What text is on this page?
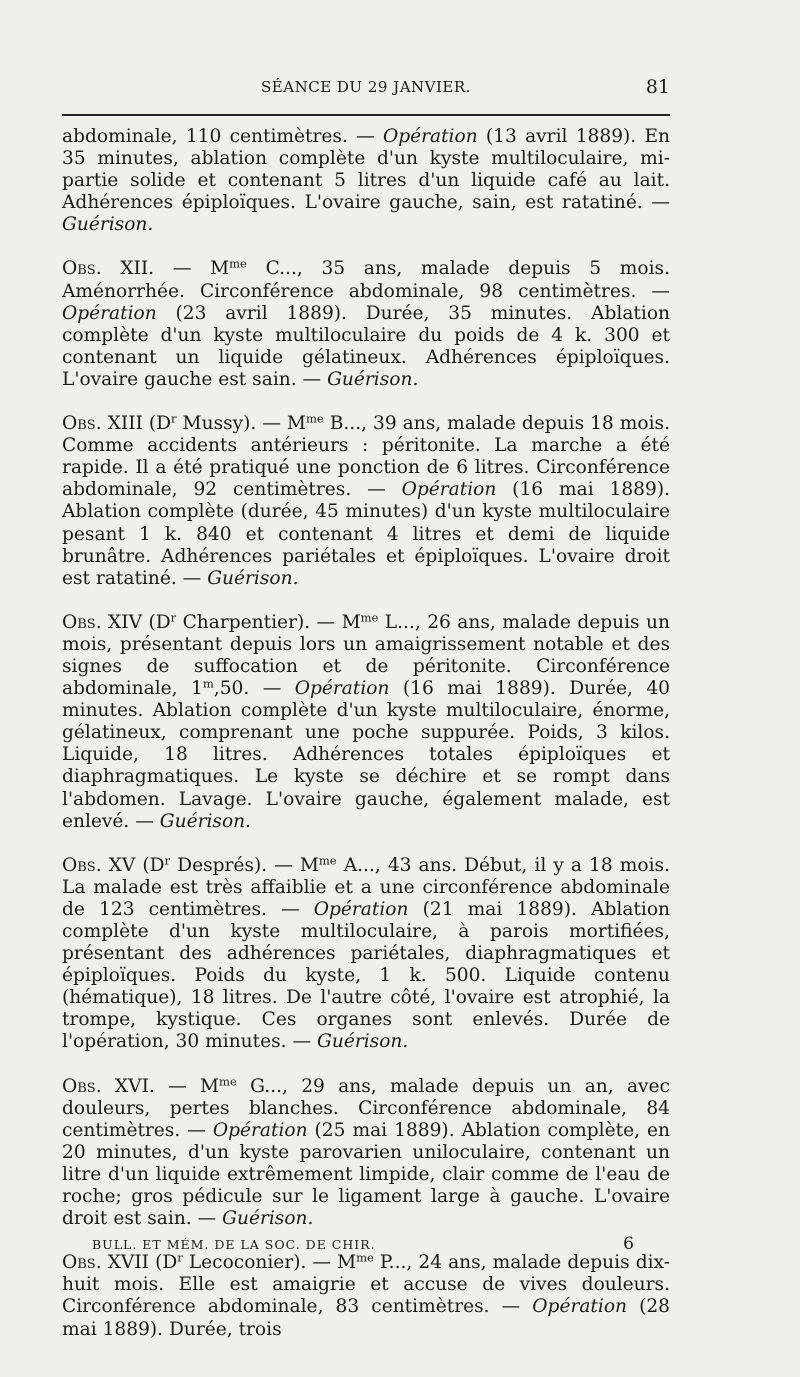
SÉANCE DU 29 JANVIER.	81

abdominale, 110 centimètres. — Opération (13 avril 1889). En 35 minutes, ablation complète d'un kyste multiloculaire, mi-partie solide et contenant 5 litres d'un liquide café au lait. Adhérences épiploïques. L'ovaire gauche, sain, est ratatiné. — Guérison.

Obs. XII. — $M^{me}$ C..., 35 ans, malade depuis 5 mois. Aménorrhée. Circonférence abdominale, 98 centimètres. — Opération (23 avril 1889). Durée, 35 minutes. Ablation complète d'un kyste multiloculaire du poids de 4 k. 300 et contenant un liquide gélatineux. Adhérences épiploïques. L'ovaire gauche est sain. — Guérison.

Obs. XIII ($D^r$ Mussy). — $M^{me}$ B..., 39 ans, malade depuis 18 mois. Comme accidents antérieurs : péritonite. La marche a été rapide. Il a été pratiqué une ponction de 6 litres. Circonférence abdominale, 92 centimètres. — Opération (16 mai 1889). Ablation complète (durée, 45 minutes) d'un kyste multiloculaire pesant 1 k. 840 et contenant 4 litres et demi de liquide brunâtre. Adhérences pariétales et épiploïques. L'ovaire droit est ratatiné. — Guérison.

Obs. XIV ($D^r$ Charpentier). — $M^{me}$ L..., 26 ans, malade depuis un mois, présentant depuis lors un amaigrissement notable et des signes de suffocation et de péritonite. Circonférence abdominale, 1$^m$,50. — Opération (16 mai 1889). Durée, 40 minutes. Ablation complète d'un kyste multiloculaire, énorme, gélatineux, comprenant une poche suppurée. Poids, 3 kilos. Liquide, 18 litres. Adhérences totales épiploïques et diaphragmatiques. Le kyste se déchire et se rompt dans l'abdomen. Lavage. L'ovaire gauche, également malade, est enlevé. — Guérison.

Obs. XV ($D^r$ Després). — $M^{me}$ A..., 43 ans. Début, il y a 18 mois. La malade est très affaiblie et a une circonférence abdominale de 123 centimètres. — Opération (21 mai 1889). Ablation complète d'un kyste multiloculaire, à parois mortifiées, présentant des adhérences pariétales, diaphragmatiques et épiploïques. Poids du kyste, 1 k. 500. Liquide contenu (hématique), 18 litres. De l'autre côté, l'ovaire est atrophié, la trompe, kystique. Ces organes sont enlevés. Durée de l'opération, 30 minutes. — Guérison.

Obs. XVI. — $M^{me}$ G..., 29 ans, malade depuis un an, avec douleurs, pertes blanches. Circonférence abdominale, 84 centimètres. — Opération (25 mai 1889). Ablation complète, en 20 minutes, d'un kyste parovarien uniloculaire, contenant un litre d'un liquide extrêmement limpide, clair comme de l'eau de roche; gros pédicule sur le ligament large à gauche. L'ovaire droit est sain. — Guérison.

Obs. XVII ($D^r$ Lecoconier). — $M^{me}$ P..., 24 ans, malade depuis dix-huit mois. Elle est amaigrie et accuse de vives douleurs. Circonférence abdominale, 83 centimètres. — Opération (28 mai 1889). Durée, trois

BULL. ET MÉM. DE LA SOC. DE CHIR.	6
